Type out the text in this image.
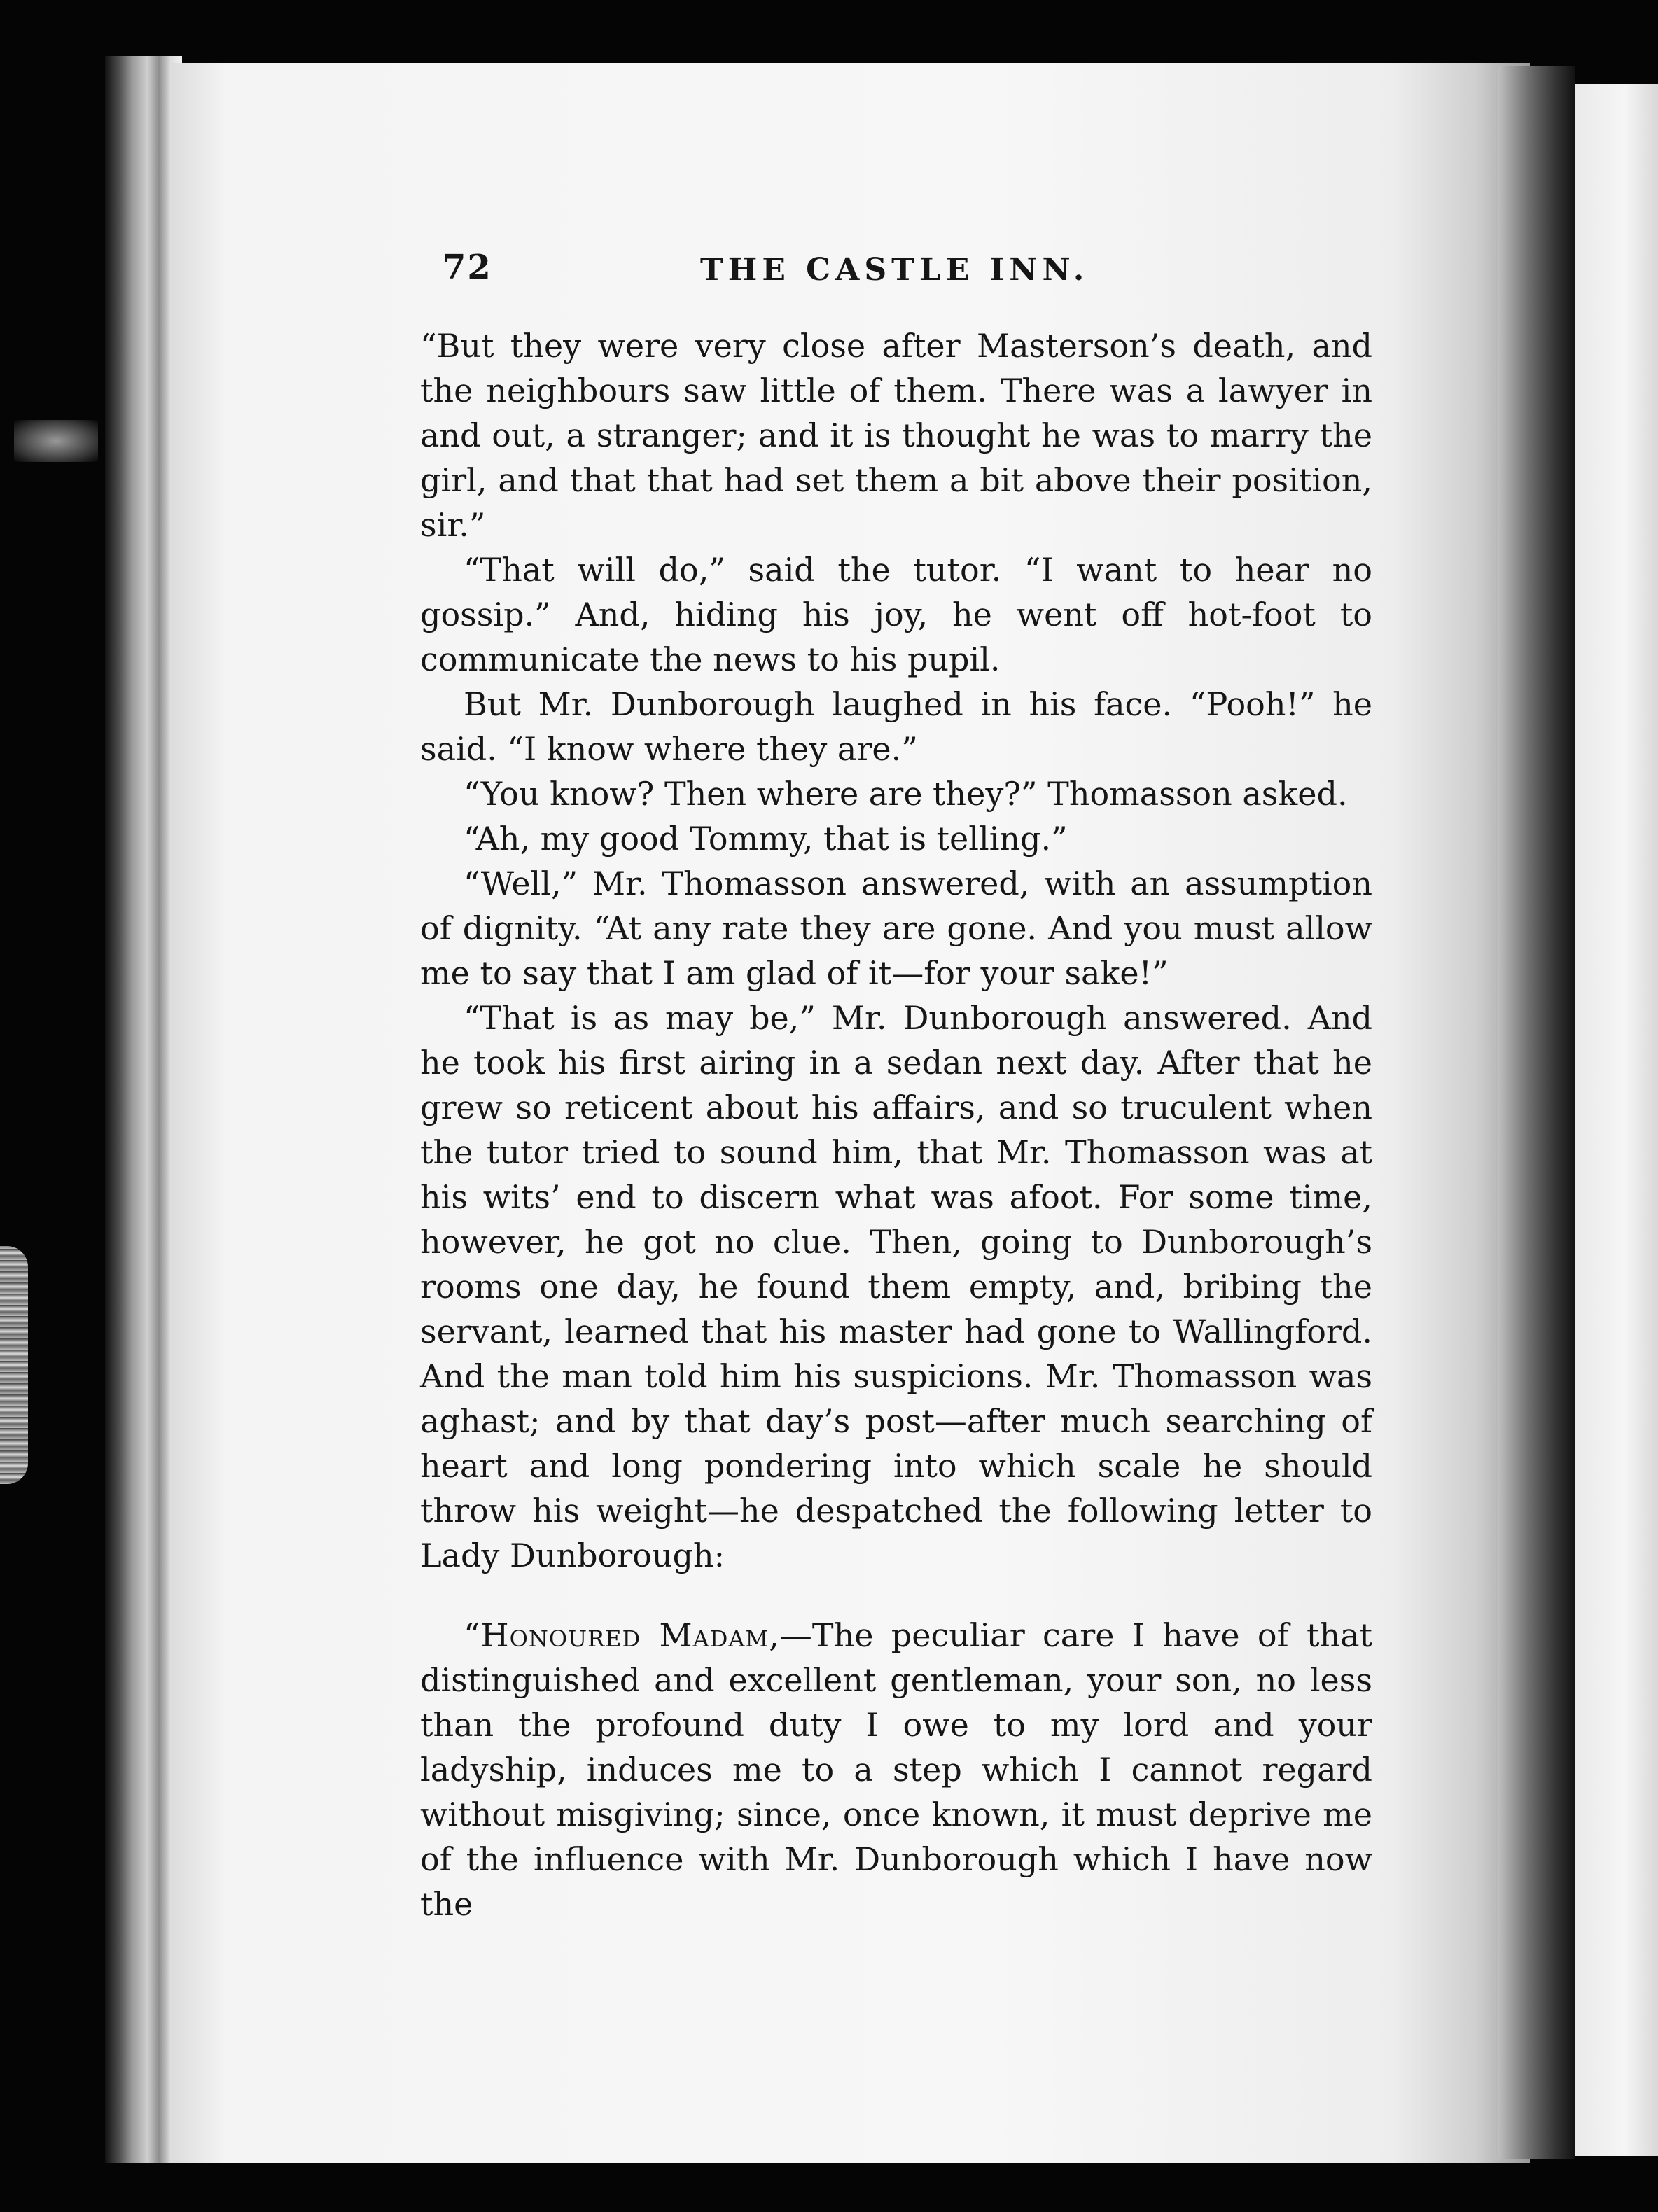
72	THE CASTLE INN.

“But they were very close after Masterson’s death, and the neighbours saw little of them. There was a lawyer in and out, a stranger; and it is thought he was to marry the girl, and that that had set them a bit above their position, sir.”

“That will do,” said the tutor. “I want to hear no gossip.” And, hiding his joy, he went off hot-foot to communicate the news to his pupil.

But Mr. Dunborough laughed in his face. “Pooh!” he said. “I know where they are.”

“You know? Then where are they?” Thomasson asked.

“Ah, my good Tommy, that is telling.”

“Well,” Mr. Thomasson answered, with an assumption of dignity. “At any rate they are gone. And you must allow me to say that I am glad of it—for your sake!”

“That is as may be,” Mr. Dunborough answered. And he took his first airing in a sedan next day. After that he grew so reticent about his affairs, and so truculent when the tutor tried to sound him, that Mr. Thomasson was at his wits’ end to discern what was afoot. For some time, however, he got no clue. Then, going to Dunborough’s rooms one day, he found them empty, and, bribing the servant, learned that his master had gone to Wallingford. And the man told him his suspicions. Mr. Thomasson was aghast; and by that day’s post—after much searching of heart and long pondering into which scale he should throw his weight—he despatched the following letter to Lady Dunborough:

“Honoured Madam,—The peculiar care I have of that distinguished and excellent gentleman, your son, no less than the profound duty I owe to my lord and your ladyship, induces me to a step which I cannot regard without misgiving; since, once known, it must deprive me of the influence with Mr. Dunborough which I have now the
